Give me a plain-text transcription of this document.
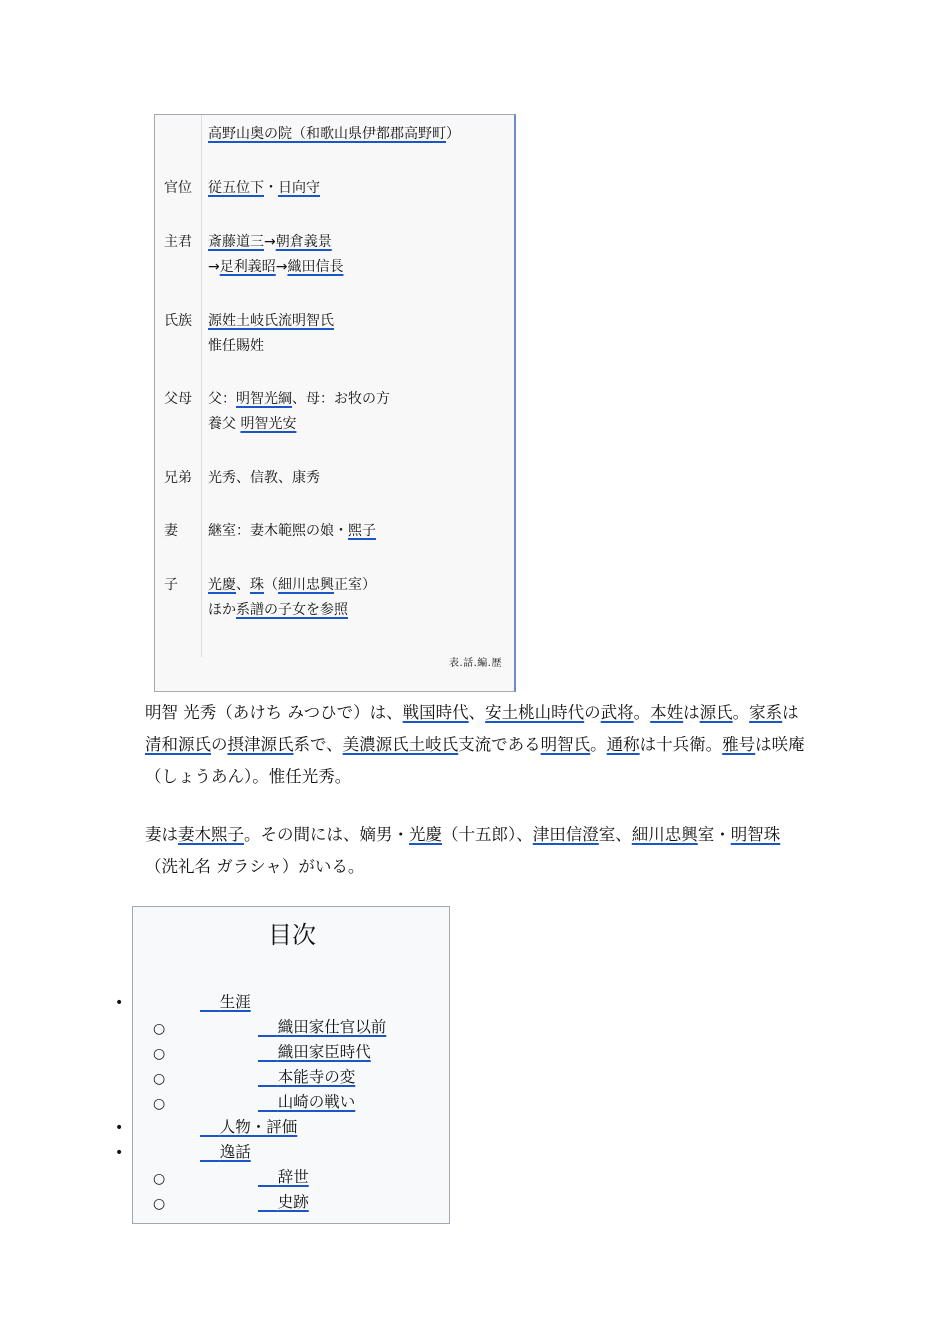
高野山奥の院（和歌山県伊都郡高野町）
官位 従五位下・日向守
主君 斎藤道三→朝倉義景
→足利義昭→織田信長
氏族 源姓土岐氏流明智氏
惟任賜姓
父母 父：明智光綱、母：お牧の方
養父 明智光安
兄弟 光秀、信教、康秀
妻 継室：妻木範煕の娘・煕子
子 光慶、珠（細川忠興正室）
ほか系譜の子女を参照
表.話.編.歴
明智 光秀（あけち みつひで）は、戦国時代、安土桃山時代の武将。本姓は源氏。家系は清和源氏の摂津源氏系で、美濃源氏土岐氏支流である明智氏。通称は十兵衛。雅号は咲庵（しょうあん）。惟任光秀。
妻は妻木煕子。その間には、嫡男・光慶（十五郎）、津田信澄室、細川忠興室・明智珠（洗礼名 ガラシャ）がいる。
目次
•
○
○
○
○
•
•
○
○
生涯
織田家仕官以前
織田家臣時代
本能寺の変
山崎の戦い
人物・評価
逸話
辞世
史跡
